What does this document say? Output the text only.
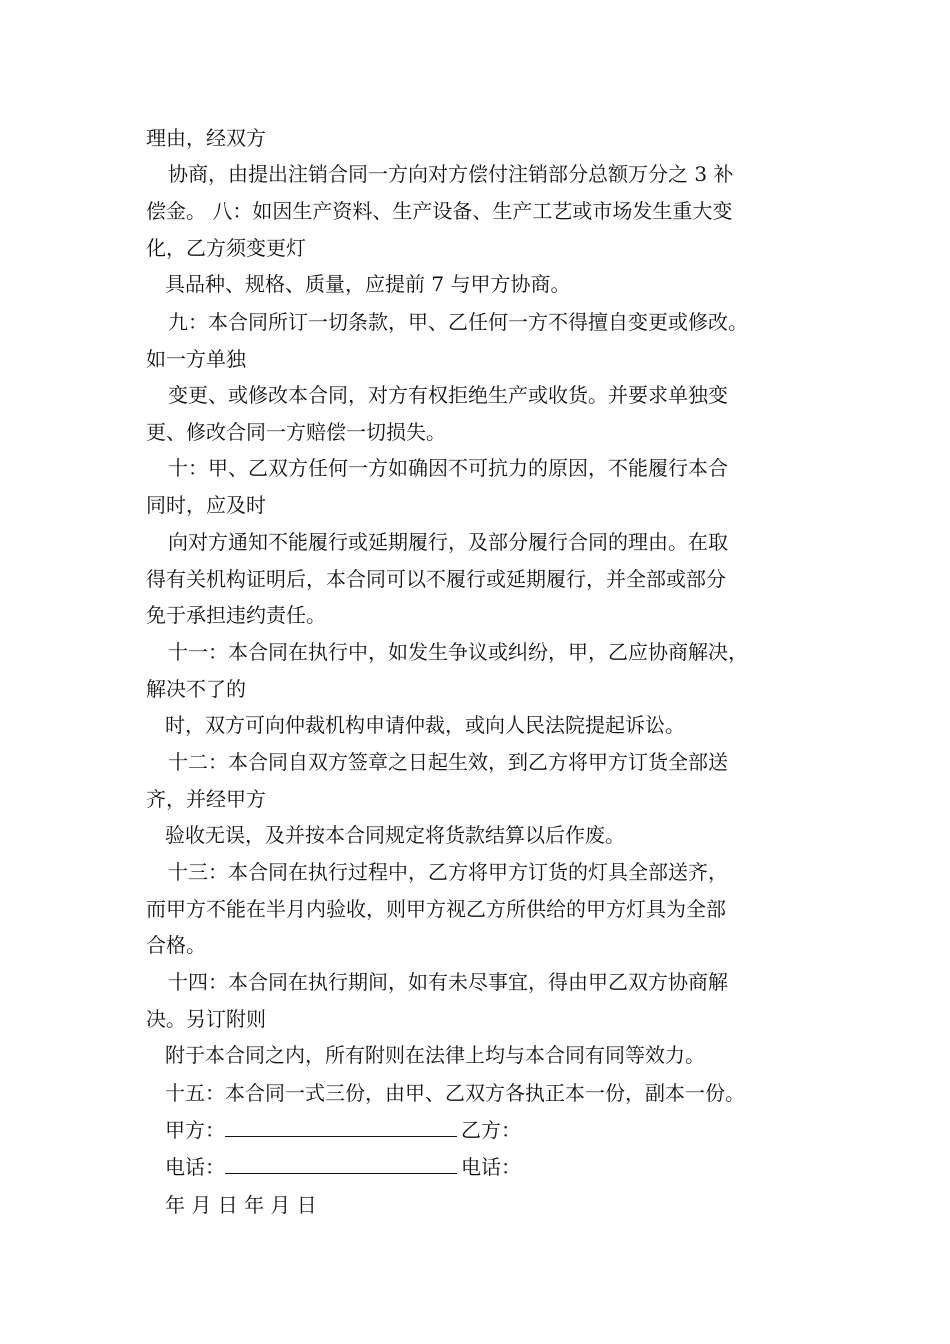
理由，经双方
协商，由提出注销合同一方向对方偿付注销部分总额万分之 3 补
偿金。 八：如因生产资料、生产设备、生产工艺或市场发生重大变
化，乙方须变更灯
具品种、规格、质量，应提前 7 与甲方协商。
九：本合同所订一切条款，甲、乙任何一方不得擅自变更或修改。
如一方单独
变更、或修改本合同，对方有权拒绝生产或收货。并要求单独变
更、修改合同一方赔偿一切损失。
十：甲、乙双方任何一方如确因不可抗力的原因，不能履行本合
同时，应及时
向对方通知不能履行或延期履行，及部分履行合同的理由。在取
得有关机构证明后，本合同可以不履行或延期履行，并全部或部分
免于承担违约责任。
十一：本合同在执行中，如发生争议或纠纷，甲，乙应协商解决，
解决不了的
时，双方可向仲裁机构申请仲裁，或向人民法院提起诉讼。
十二：本合同自双方签章之日起生效，到乙方将甲方订货全部送
齐，并经甲方
验收无误，及并按本合同规定将货款结算以后作废。
十三：本合同在执行过程中，乙方将甲方订货的灯具全部送齐，
而甲方不能在半月内验收，则甲方视乙方所供给的甲方灯具为全部
合格。
十四：本合同在执行期间，如有未尽事宜，得由甲乙双方协商解
决。另订附则
附于本合同之内，所有附则在法律上均与本合同有同等效力。
十五：本合同一式三份，由甲、乙双方各执正本一份，副本一份。
甲方：	乙方：
电话：	电话：
年 月 日 年 月 日
